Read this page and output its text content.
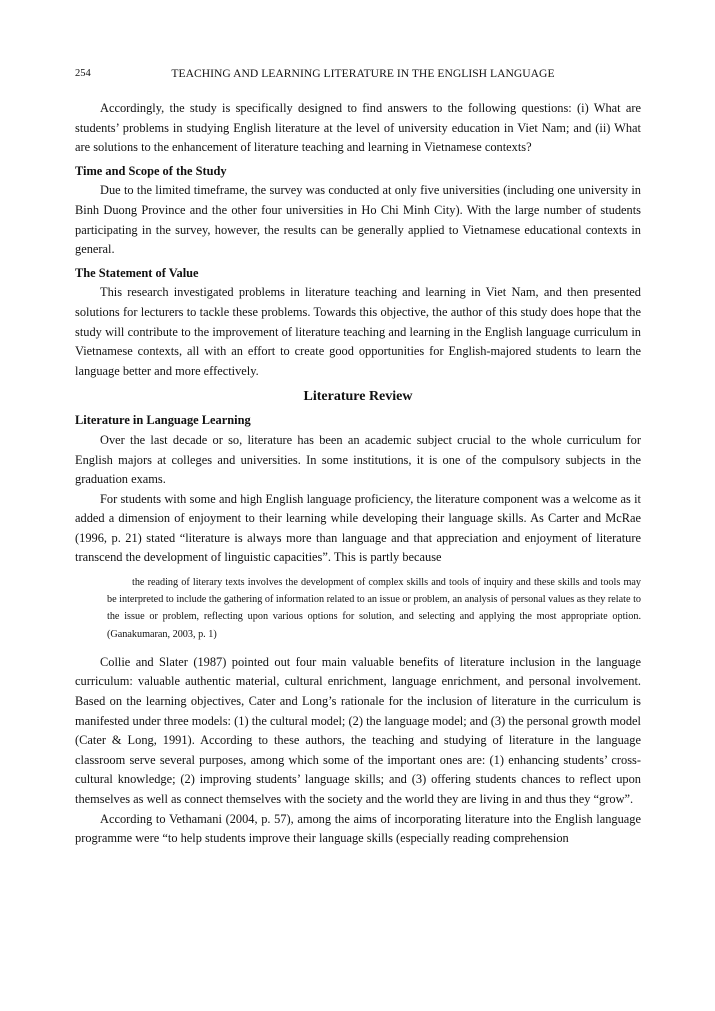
254	TEACHING AND LEARNING LITERATURE IN THE ENGLISH LANGUAGE

Accordingly, the study is specifically designed to find answers to the following questions: (i) What are students’ problems in studying English literature at the level of university education in Viet Nam; and (ii) What are solutions to the enhancement of literature teaching and learning in Vietnamese contexts?

Time and Scope of the Study

Due to the limited timeframe, the survey was conducted at only five universities (including one university in Binh Duong Province and the other four universities in Ho Chi Minh City). With the large number of students participating in the survey, however, the results can be generally applied to Vietnamese educational contexts in general.

The Statement of Value

This research investigated problems in literature teaching and learning in Viet Nam, and then presented solutions for lecturers to tackle these problems. Towards this objective, the author of this study does hope that the study will contribute to the improvement of literature teaching and learning in the English language curriculum in Vietnamese contexts, all with an effort to create good opportunities for English-majored students to learn the language better and more effectively.

Literature Review
Literature in Language Learning

Over the last decade or so, literature has been an academic subject crucial to the whole curriculum for English majors at colleges and universities. In some institutions, it is one of the compulsory subjects in the graduation exams.

For students with some and high English language proficiency, the literature component was a welcome as it added a dimension of enjoyment to their learning while developing their language skills. As Carter and McRae (1996, p. 21) stated “literature is always more than language and that appreciation and enjoyment of literature transcend the development of linguistic capacities”. This is partly because

the reading of literary texts involves the development of complex skills and tools of inquiry and these skills and tools may be interpreted to include the gathering of information related to an issue or problem, an analysis of personal values as they relate to the issue or problem, reflecting upon various options for solution, and selecting and applying the most appropriate option. (Ganakumaran, 2003, p. 1)

Collie and Slater (1987) pointed out four main valuable benefits of literature inclusion in the language curriculum: valuable authentic material, cultural enrichment, language enrichment, and personal involvement. Based on the learning objectives, Cater and Long’s rationale for the inclusion of literature in the curriculum is manifested under three models: (1) the cultural model; (2) the language model; and (3) the personal growth model (Cater & Long, 1991). According to these authors, the teaching and studying of literature in the language classroom serve several purposes, among which some of the important ones are: (1) enhancing students’ cross-cultural knowledge; (2) improving students’ language skills; and (3) offering students chances to reflect upon themselves as well as connect themselves with the society and the world they are living in and thus they “grow”.

According to Vethamani (2004, p. 57), among the aims of incorporating literature into the English language programme were “to help students improve their language skills (especially reading comprehension
